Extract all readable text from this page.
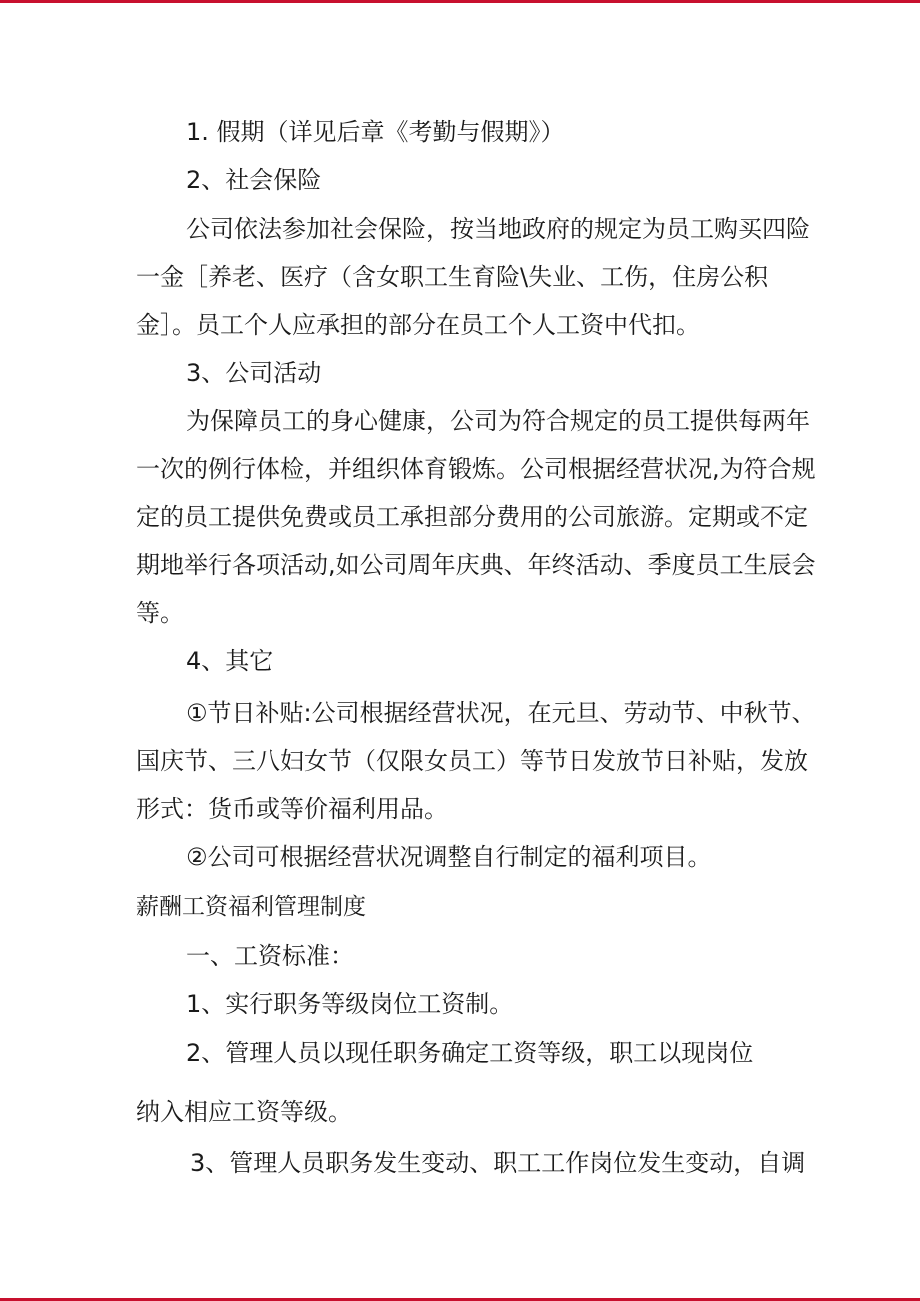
1. 假期（详见后章《考勤与假期》）

2、社会保险

公司依法参加社会保险，按当地政府的规定为员工购买四险

一金［养老、医疗（含女职工生育险\失业、工伤，住房公积

金］。员工个人应承担的部分在员工个人工资中代扣。

3、公司活动

为保障员工的身心健康，公司为符合规定的员工提供每两年

一次的例行体检，并组织体育锻炼。公司根据经营状况,为符合规

定的员工提供免费或员工承担部分费用的公司旅游。定期或不定

期地举行各项活动,如公司周年庆典、年终活动、季度员工生辰会

等。

4、其它

①节日补贴:公司根据经营状况，在元旦、劳动节、中秋节、

国庆节、三八妇女节（仅限女员工）等节日发放节日补贴，发放

形式：货币或等价福利用品。

②公司可根据经营状况调整自行制定的福利项目。

薪酬工资福利管理制度

一、工资标准：

1、实行职务等级岗位工资制。

2、管理人员以现任职务确定工资等级，职工以现岗位

纳入相应工资等级。

3、管理人员职务发生变动、职工工作岗位发生变动，自调
